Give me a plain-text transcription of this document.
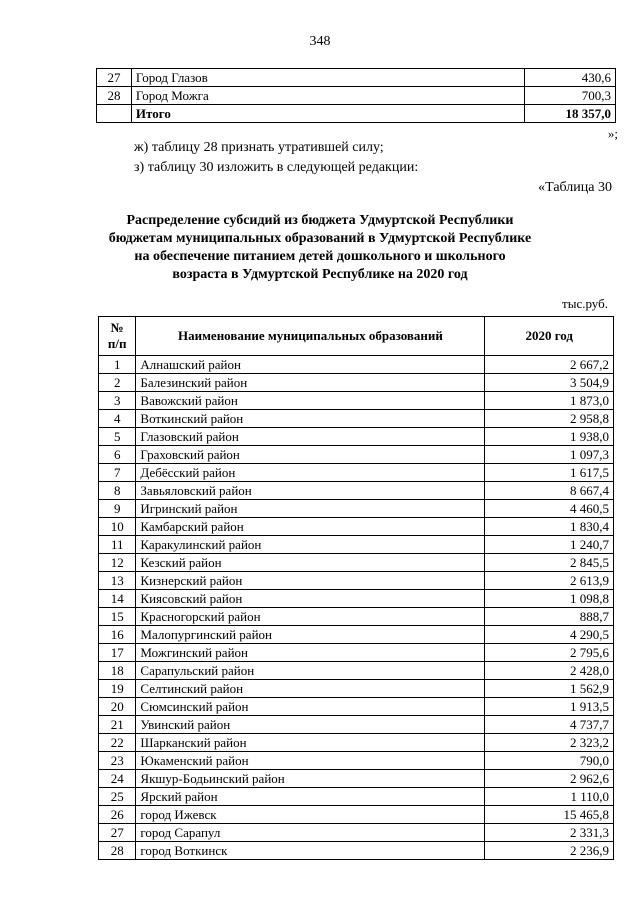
348
27	Город Глазов	430,6
28	Город Можга	700,3
	Итого	18 357,0
»;
ж) таблицу 28 признать утратившей силу;
з) таблицу 30 изложить в следующей редакции:
«Таблица 30
Распределение субсидий из бюджета Удмуртской Республики
бюджетам муниципальных образований в Удмуртской Республике
на обеспечение питанием детей дошкольного и школьного
возраста в Удмуртской Республике на 2020 год
тыс.руб.
№
п/п	Наименование муниципальных образований	2020 год
1	Алнашский район	2 667,2
2	Балезинский район	3 504,9
3	Вавожский район	1 873,0
4	Воткинский район	2 958,8
5	Глазовский район	1 938,0
6	Граховский район	1 097,3
7	Дебёсский район	1 617,5
8	Завьяловский район	8 667,4
9	Игринский район	4 460,5
10	Камбарский район	1 830,4
11	Каракулинский район	1 240,7
12	Кезский район	2 845,5
13	Кизнерский район	2 613,9
14	Киясовский район	1 098,8
15	Красногорский район	888,7
16	Малопургинский район	4 290,5
17	Можгинский район	2 795,6
18	Сарапульский район	2 428,0
19	Селтинский район	1 562,9
20	Сюмсинский район	1 913,5
21	Увинский район	4 737,7
22	Шарканский район	2 323,2
23	Юкаменский район	790,0
24	Якшур-Бодьинский район	2 962,6
25	Ярский район	1 110,0
26	город Ижевск	15 465,8
27	город Сарапул	2 331,3
28	город Воткинск	2 236,9
